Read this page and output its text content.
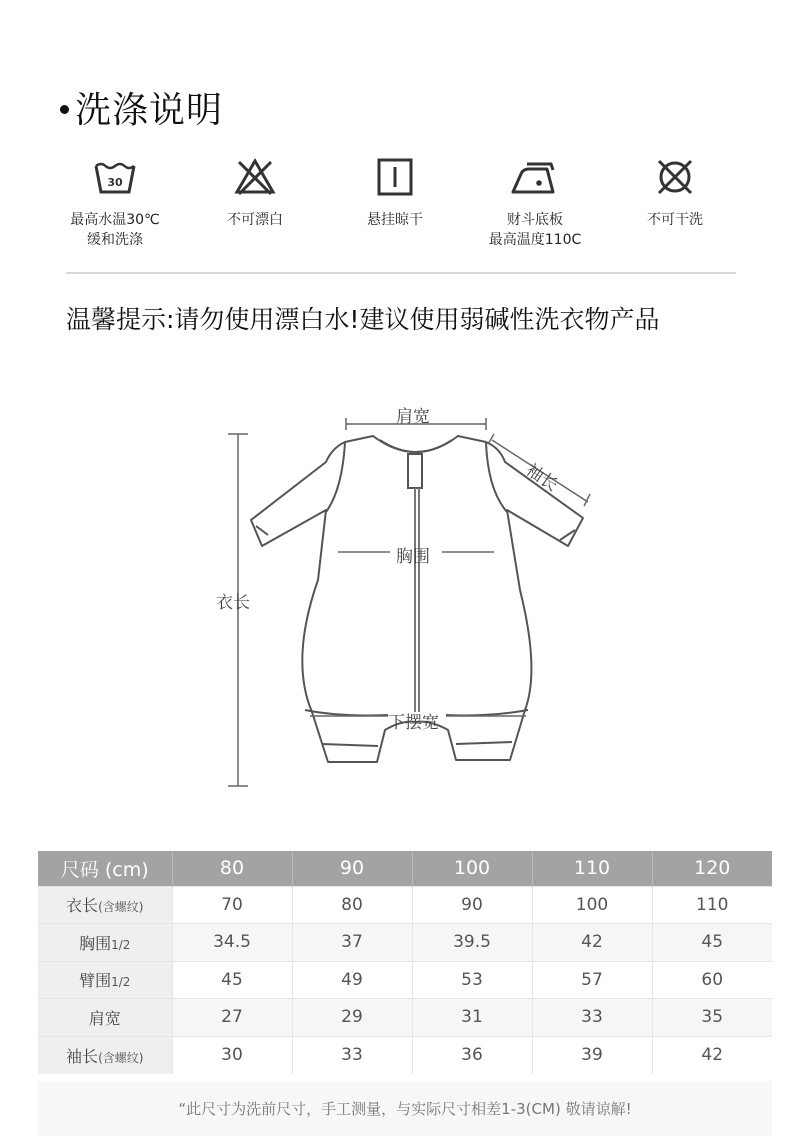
洗涤说明
30
最高水温30℃
缓和洗涤
不可漂白	悬挂晾干	财斗底板
最高温度110C
不可干洗
温馨提示:请勿使用漂白水!建议使用弱碱性洗衣物产品
肩宽
袖长
胸围
衣长
下摆宽
尺码 (cm)	80	90	100	110	120
衣长(含螺纹)	70	80	90	100	110
胸围1/2	34.5	37	39.5	42	45
臂围1/2	45	49	53	57	60
肩宽	27	29	31	33	35
袖长(含螺纹)	30	33	36	39	42
“此尺寸为洗前尺寸，手工测量，与实际尺寸相差1-3(CM) 敬请谅解!
